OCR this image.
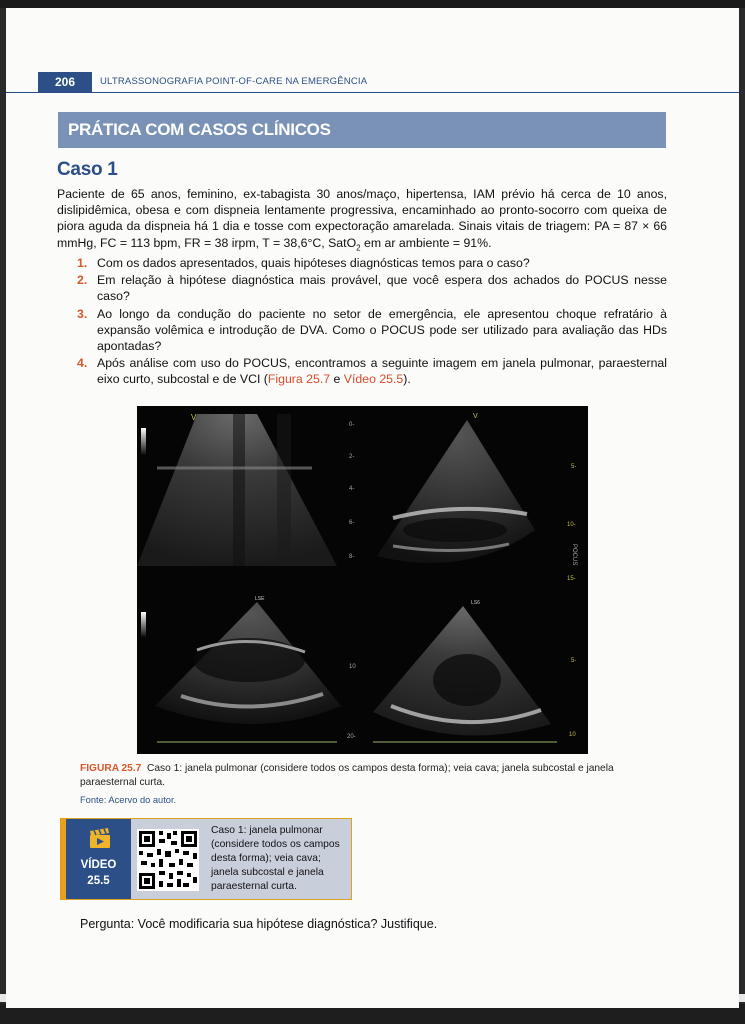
206	ULTRASSONOGRAFIA POINT-OF-CARE NA EMERGÊNCIA
PRÁTICA COM CASOS CLÍNICOS
Caso 1

Paciente de 65 anos, feminino, ex-tabagista 30 anos/maço, hipertensa, IAM prévio há cerca de 10 anos, dislipidêmica, obesa e com dispneia lentamente progressiva, encaminhado ao pronto-socorro com queixa de piora aguda da dispneia há 1 dia e tosse com expectoração amarelada. Sinais vitais de triagem: PA = 87 × 66 mmHg, FC = 113 bpm, FR = 38 irpm, T = 38,6°C, SatO$_2$ em ar ambiente = 91%.

1. Com os dados apresentados, quais hipóteses diagnósticas temos para o caso?
2. Em relação à hipótese diagnóstica mais provável, que você espera dos achados do POCUS nesse caso?
3. Ao longo da condução do paciente no setor de emergência, ele apresentou choque refratário à expansão volêmica e introdução de DVA. Como o POCUS pode ser utilizado para avaliação das HDs apontadas?
4. Após análise com uso do POCUS, encontramos a seguinte imagem em janela pulmonar, paraesternal eixo curto, subcostal e de VCI (Figura 25.7 e Vídeo 25.5).
V
0-
2-
4-
6-
8-
V
5-
10-
15-
POCUS
LSE
10
20-
LS6
5-
10

FIGURA 25.7 Caso 1: janela pulmonar (considere todos os campos desta forma); veia cava; janela subcostal e janela paraesternal curta.

Fonte: Acervo do autor.
VÍDEO
25.5
Caso 1: janela pulmonar (considere todos os campos desta forma); veia cava; janela subcostal e janela paraesternal curta.
Pergunta: Você modificaria sua hipótese diagnóstica? Justifique.
